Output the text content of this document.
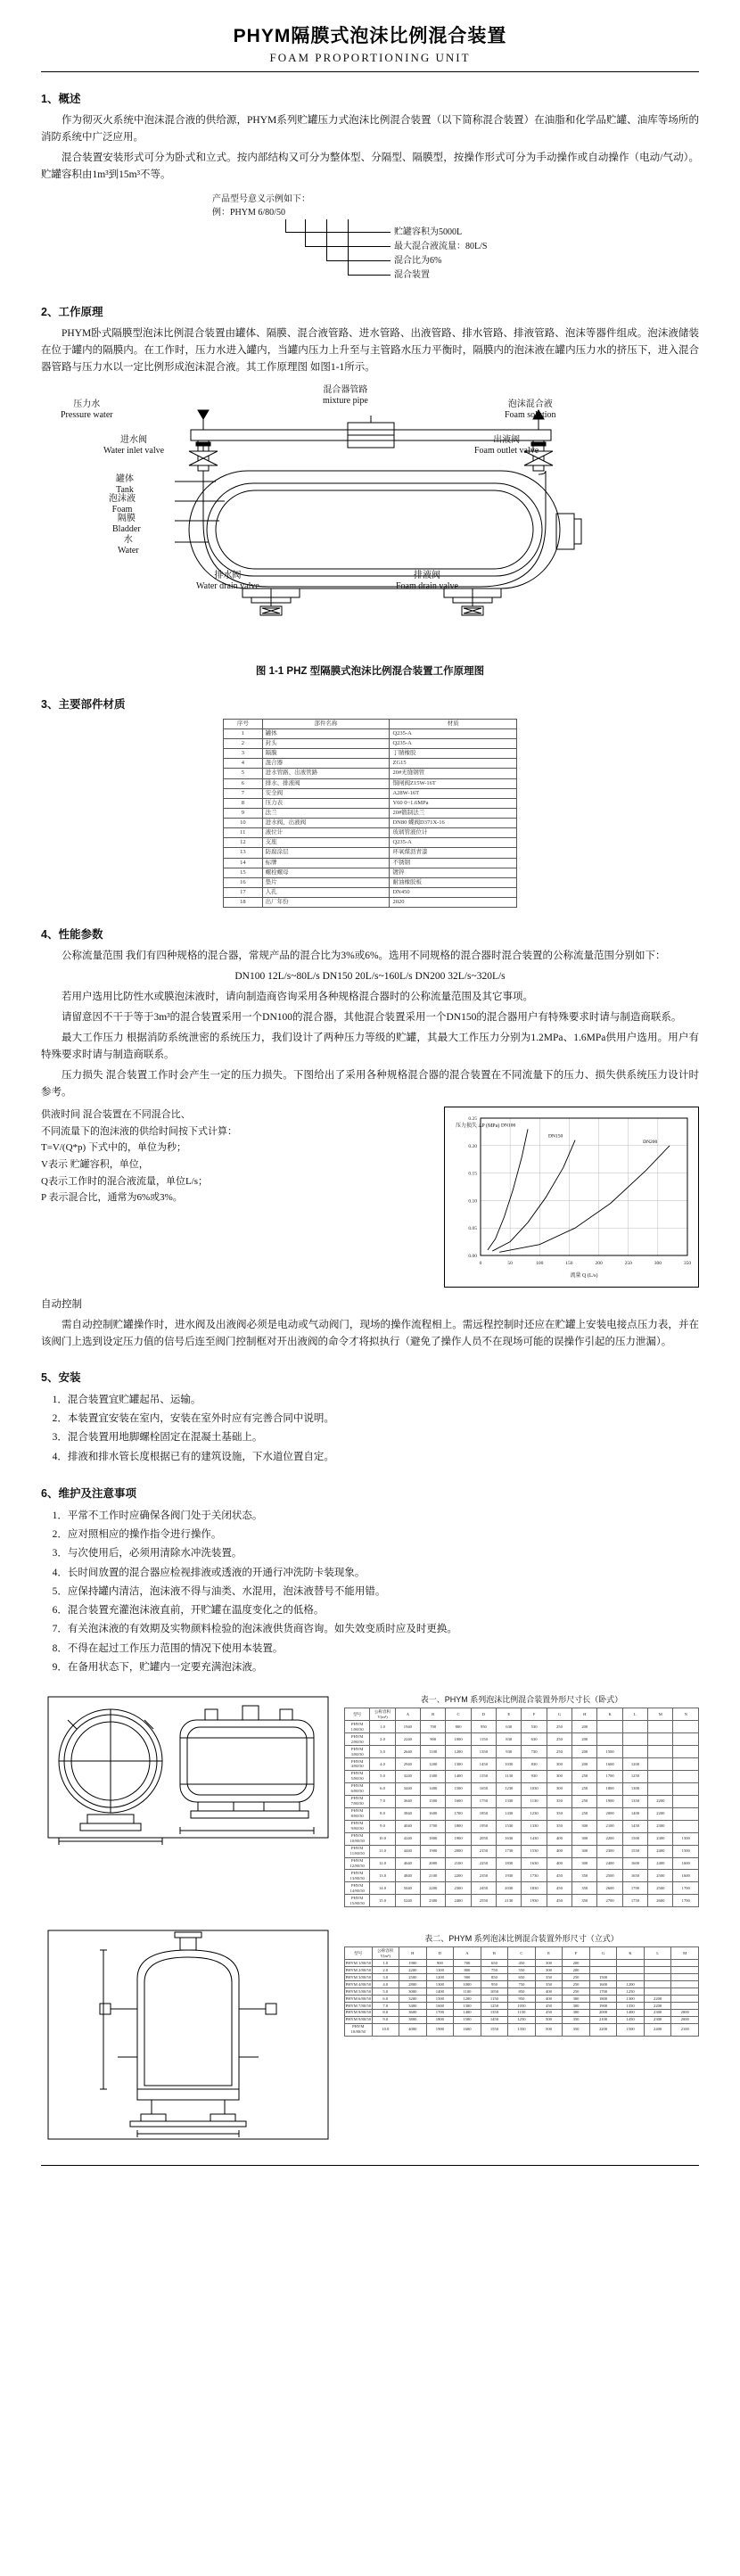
PHYM隔膜式泡沫比例混合装置
FOAM PROPORTIONING UNIT
1、概述

作为彻灭火系统中泡沫混合液的供给源，PHYM系列贮罐压力式泡沫比例混合装置（以下简称混合装置）在油脂和化学品贮罐、油库等场所的消防系统中广泛应用。

混合装置安装形式可分为卧式和立式。按内部结构又可分为整体型、分隔型、隔膜型，按操作形式可分为手动操作或自动操作（电动/气动）。贮罐容积由1m³到15m³不等。

产品型号意义示例如下：
例：PHYM 6/80/50
贮罐容积为5000L
最大混合液流量：80L/S
混合比为6%
混合装置
2、工作原理

PHYM卧式隔膜型泡沫比例混合装置由罐体、隔膜、混合液管路、进水管路、出液管路、排水管路、排液管路、泡沫等器件组成。泡沫液储装在位于罐内的隔膜内。在工作时，压力水进入罐内，当罐内压力上升至与主管路水压力平衡时，隔膜内的泡沫液在罐内压力水的挤压下，进入混合器管路与压力水以一定比例形成泡沫混合液。其工作原理图 如图1-1所示。

压力水
Pressure water
混合器管路
mixture pipe	泡沫混合液
Foam solution
进水阀
Water inlet valve
出液阀
Foam outlet valve
罐体
Tank
泡沫液
Foam
隔膜
Bladder
水
Water
排水阀
Water drain valve
排液阀
Foam drain valve
图 1-1 PHZ 型隔膜式泡沫比例混合装置工作原理图
3、主要部件材质
序号	部件名称	材质
1	罐体	Q235-A
2	封头	Q235-A
3	隔膜	丁腈橡胶
4	混合器	ZG15
5	进水管路、出液管路	20#无缝钢管
6	排水、排液阀	铜闸阀Z15W-16T
7	安全阀	A28W-16T
8	压力表	Y60 0~1.6MPa
9	法兰	20#锻制法兰
10	进水阀、出液阀	DN80 蝶阀D371X-16
11	液位计	玻璃管液位计
12	支座	Q235-A
13	防腐涂层	环氧煤沥青漆
14	标牌	不锈钢
15	螺栓螺母	镀锌
16	垫片	耐油橡胶板
17	人孔	DN450
18	出厂年份	2020
4、性能参数

公称流量范围 我们有四种规格的混合器，常规产品的混合比为3%或6%。选用不同规格的混合器时混合装置的公称流量范围分别如下：

DN100 12L/s~80L/s DN150 20L/s~160L/s DN200 32L/s~320L/s

若用户选用比防性水或膜泡沫液时，请向制造商咨询采用各种规格混合器时的公称流量范围及其它事项。

请留意因不干于等于3m³的混合装置采用一个DN100的混合器，其他混合装置采用一个DN150的混合器用户有特殊要求时请与制造商联系。

最大工作压力 根据消防系统泄密的系统压力，我们设计了两种压力等级的贮罐，其最大工作压力分别为1.2MPa、1.6MPa供用户选用。用户有特殊要求时请与制造商联系。

压力损失 混合装置工作时会产生一定的压力损失。下图给出了采用各种规格混合器的混合装置在不同流量下的压力、损失供系统压力设计时参考。

供液时间 混合装置在不同混合比、
不同流量下的泡沫液的供给时间按下式计算：
T=V/(Q*p) 下式中的，单位为秒；
V表示 贮罐容积，单位，
Q表示工作时的混合液流量，单位L/s；
P 表示混合比，通常为6%或3%。
0	50	100	150	200	250	300	350
0.00
0.05
0.10
0.15
0.20
0.25
DN100
DN150
DN200
流量 Q (L/s)
压力损失 ΔP (MPa)

自动控制

需自动控制贮罐操作时，进水阀及出液阀必须是电动或气动阀门，现场的操作流程相上。需远程控制时还应在贮罐上安装电接点压力表，并在该阀门上选到设定压力值的信号后连至阀门控制框对开出液阀的命令才将拟执行（避免了操作人员不在现场可能的误操作引起的压力泄漏）。

5、安装
1．混合装置宜贮罐起吊、运输。
2．本装置宜安装在室内，安装在室外时应有完善合同中说明。
3．混合装置用地脚螺栓固定在混凝土基础上。
4．排液和排水管长度根据已有的建筑设施，下水道位置自定。
6、维护及注意事项
1．平常不工作时应确保各阀门处于关闭状态。
2．应对照相应的操作指令进行操作。
3．与次使用后，必须用清除水冲洗装置。
4．长时间放置的混合器应检视排液或透液的开通行冲洗防卡装现象。
5．应保持罐内清洁，泡沫液不得与油类、水混用，泡沫液替号不能用错。
6．混合装置充灌泡沫液直前，开贮罐在温度变化之的低格。
7．有关泡沫液的有效期及实物颜料检验的泡沫液供货商咨询。如失效变质时应及时更换。
8．不得在起过工作压力范围的情况下使用本装置。
9．在备用状态下，贮罐内一定要充满泡沫液。
表一、PHYM 系列泡沫比例混合装置外形尺寸长（卧式）
型号	公称容积 V(m³)	A	B	C	D	E	F	G	H	K	L	M	N
PHYM 1/80/50	1.0	1940	700	800	950	630	530	250	200				
PHYM 2/80/50	2.0	2240	900	1000	1150	830	630	250	200				
PHYM 3/80/50	3.0	2640	1100	1200	1350	930	730	250	200	1500			
PHYM 4/80/50	4.0	2940	1200	1300	1450	1030	830	300	200	1600	1200		
PHYM 5/80/50	5.0	3240	1300	1400	1550	1130	930	300	250	1700	1250		
PHYM 6/80/50	6.0	3440	1400	1500	1650	1230	1030	300	250	1800	1300		
PHYM 7/80/50	7.0	3640	1500	1600	1750	1330	1130	350	250	1900	1350	2200	
PHYM 8/80/50	8.0	3840	1600	1700	1850	1430	1230	350	250	2000	1400	2200	
PHYM 9/80/50	9.0	4040	1700	1800	1950	1530	1330	350	300	2100	1450	2300	
PHYM 10/80/50	10.0	4240	1800	1900	2050	1630	1430	400	300	2200	1500	2300	1500
PHYM 11/80/50	11.0	4440	1900	2000	2150	1730	1530	400	300	2300	1550	2400	1500
PHYM 12/80/50	12.0	4640	2000	2100	2250	1830	1630	400	300	2400	1600	2400	1600
PHYM 13/80/50	13.0	4840	2100	2200	2350	1930	1730	450	350	2500	1650	2500	1600
PHYM 14/80/50	14.0	5040	2200	2300	2450	2030	1830	450	350	2600	1700	2500	1700
PHYM 15/80/50	15.0	5240	2300	2400	2550	2130	1930	450	350	2700	1750	2600	1700
表二、PHYM 系列泡沫比例混合装置外形尺寸（立式）
型号	公称容积 V(m³)	H	D	A	B	C	E	F	G	K	L	M
PHYM 1/80/50	1.0	1900	900	700	650	450	300	200				
PHYM 2/80/50	2.0	2200	1100	800	750	550	300	200				
PHYM 3/80/50	3.0	2500	1200	900	850	650	350	250	1500			
PHYM 4/80/50	4.0	2800	1300	1000	950	750	350	250	1600	1200		
PHYM 5/80/50	5.0	3000	1400	1100	1050	850	400	250	1700	1250		
PHYM 6/80/50	6.0	3200	1500	1200	1150	950	400	300	1800	1300	2200	
PHYM 7/80/50	7.0	3400	1600	1300	1250	1050	450	300	1900	1350	2200	
PHYM 8/80/50	8.0	3600	1700	1400	1350	1150	450	300	2000	1400	2300	2000
PHYM 9/80/50	9.0	3800	1800	1500	1450	1250	500	350	2100	1450	2300	2000
PHYM 10/80/50	10.0	4000	1900	1600	1550	1350	500	350	2200	1500	2400	2100
